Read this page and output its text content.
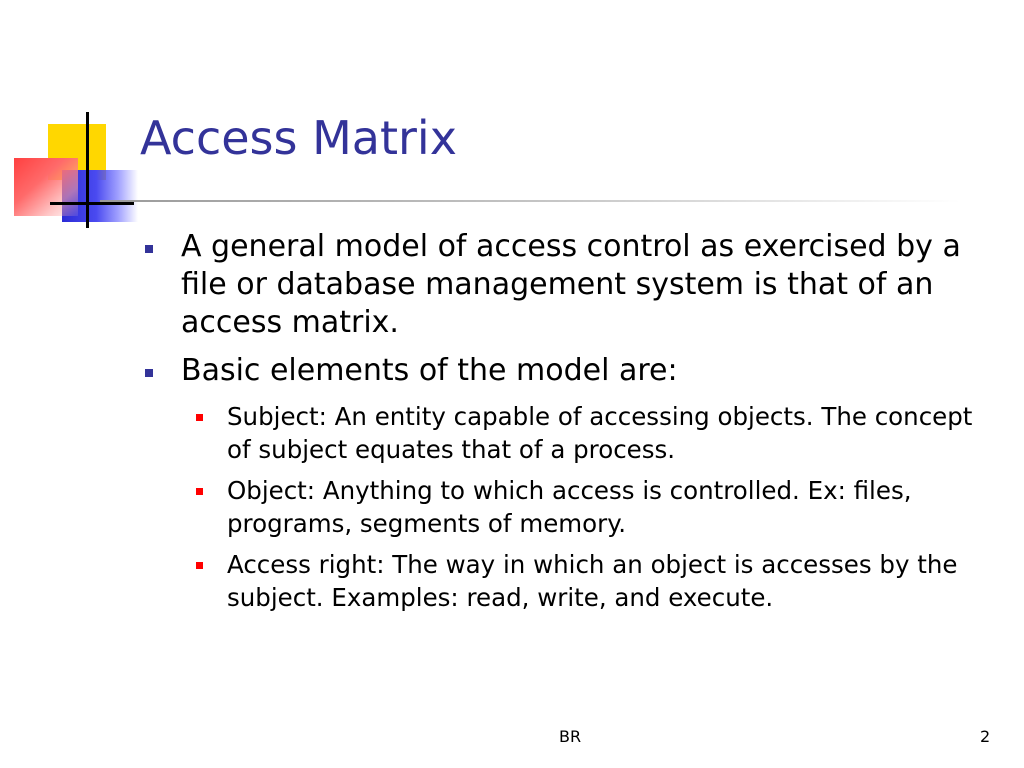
Access Matrix
A general model of access control as exercised by a file or database management system is that of an access matrix.
Basic elements of the model are:
Subject: An entity capable of accessing objects. The concept of subject equates that of a process.
Object: Anything to which access is controlled. Ex: files, programs, segments of memory.
Access right: The way in which an object is accesses by the subject. Examples: read, write, and execute.
BR	2
